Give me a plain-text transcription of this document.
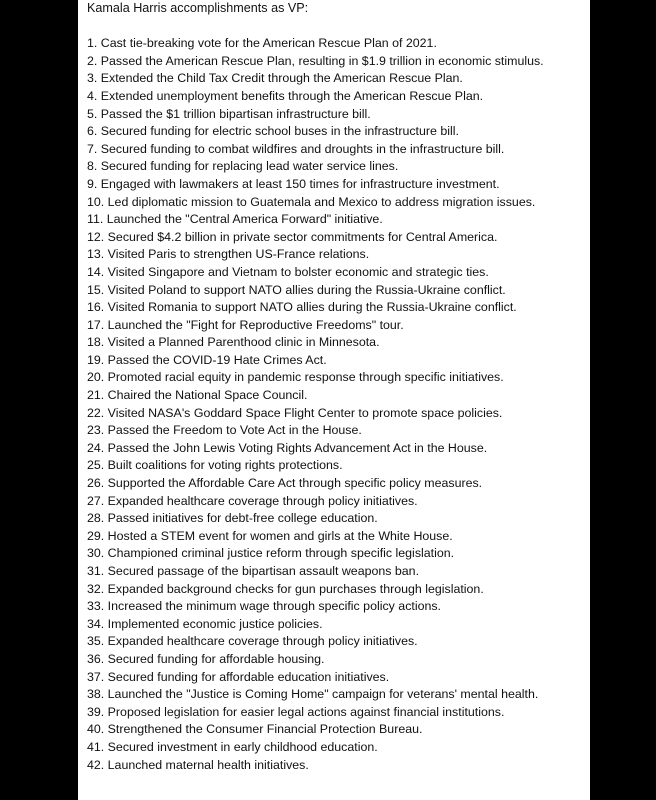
Kamala Harris accomplishments as VP:
1. Cast tie-breaking vote for the American Rescue Plan of 2021.
2. Passed the American Rescue Plan, resulting in $1.9 trillion in economic stimulus.
3. Extended the Child Tax Credit through the American Rescue Plan.
4. Extended unemployment benefits through the American Rescue Plan.
5. Passed the $1 trillion bipartisan infrastructure bill.
6. Secured funding for electric school buses in the infrastructure bill.
7. Secured funding to combat wildfires and droughts in the infrastructure bill.
8. Secured funding for replacing lead water service lines.
9. Engaged with lawmakers at least 150 times for infrastructure investment.
10. Led diplomatic mission to Guatemala and Mexico to address migration issues.
11. Launched the "Central America Forward" initiative.
12. Secured $4.2 billion in private sector commitments for Central America.
13. Visited Paris to strengthen US-France relations.
14. Visited Singapore and Vietnam to bolster economic and strategic ties.
15. Visited Poland to support NATO allies during the Russia-Ukraine conflict.
16. Visited Romania to support NATO allies during the Russia-Ukraine conflict.
17. Launched the "Fight for Reproductive Freedoms" tour.
18. Visited a Planned Parenthood clinic in Minnesota.
19. Passed the COVID-19 Hate Crimes Act.
20. Promoted racial equity in pandemic response through specific initiatives.
21. Chaired the National Space Council.
22. Visited NASA's Goddard Space Flight Center to promote space policies.
23. Passed the Freedom to Vote Act in the House.
24. Passed the John Lewis Voting Rights Advancement Act in the House.
25. Built coalitions for voting rights protections.
26. Supported the Affordable Care Act through specific policy measures.
27. Expanded healthcare coverage through policy initiatives.
28. Passed initiatives for debt-free college education.
29. Hosted a STEM event for women and girls at the White House.
30. Championed criminal justice reform through specific legislation.
31. Secured passage of the bipartisan assault weapons ban.
32. Expanded background checks for gun purchases through legislation.
33. Increased the minimum wage through specific policy actions.
34. Implemented economic justice policies.
35. Expanded healthcare coverage through policy initiatives.
36. Secured funding for affordable housing.
37. Secured funding for affordable education initiatives.
38. Launched the "Justice is Coming Home" campaign for veterans' mental health.
39. Proposed legislation for easier legal actions against financial institutions.
40. Strengthened the Consumer Financial Protection Bureau.
41. Secured investment in early childhood education.
42. Launched maternal health initiatives.
